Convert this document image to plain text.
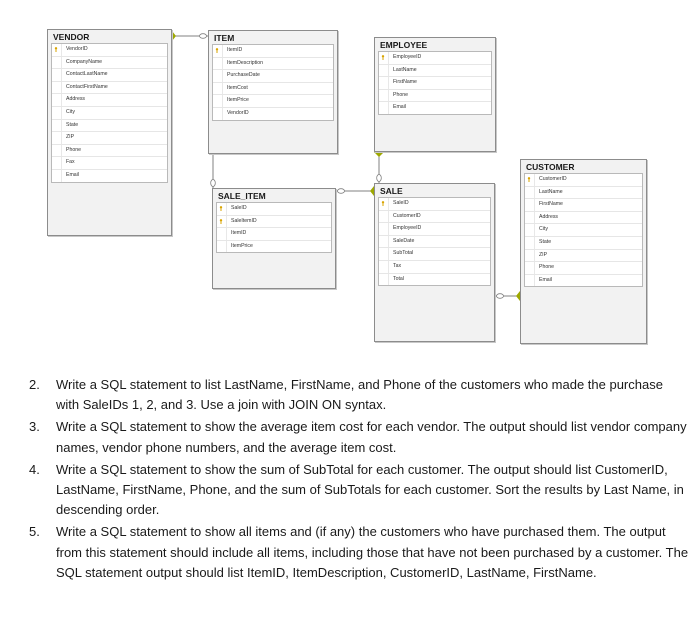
VENDOR
VendorID
CompanyName
ContactLastName
ContactFirstName
Address
City
State
ZIP
Phone
Fax
Email
ITEM
ItemID
ItemDescription
PurchaseDate
ItemCost
ItemPrice
VendorID
EMPLOYEE
EmployeeID
LastName
FirstName
Phone
Email
CUSTOMER
CustomerID
LastName
FirstName
Address
City
State
ZIP
Phone
Email
SALE_ITEM
SaleID
SaleItemID
ItemID
ItemPrice
SALE
SaleID
CustomerID
EmployeeID
SaleDate
SubTotal
Tax
Total
2. Write a SQL statement to list LastName, FirstName, and Phone of the customers who made the purchase with SaleIDs 1, 2, and 3. Use a join with JOIN ON syntax.
3. Write a SQL statement to show the average item cost for each vendor. The output should list vendor company names, vendor phone numbers, and the average item cost.
4. Write a SQL statement to show the sum of SubTotal for each customer. The output should list CustomerID, LastName, FirstName, Phone, and the sum of SubTotals for each customer. Sort the results by Last Name, in descending order.
5. Write a SQL statement to show all items and (if any) the customers who have purchased them. The output from this statement should include all items, including those that have not been purchased by a customer. The SQL statement output should list ItemID, ItemDescription, CustomerID, LastName, FirstName.
